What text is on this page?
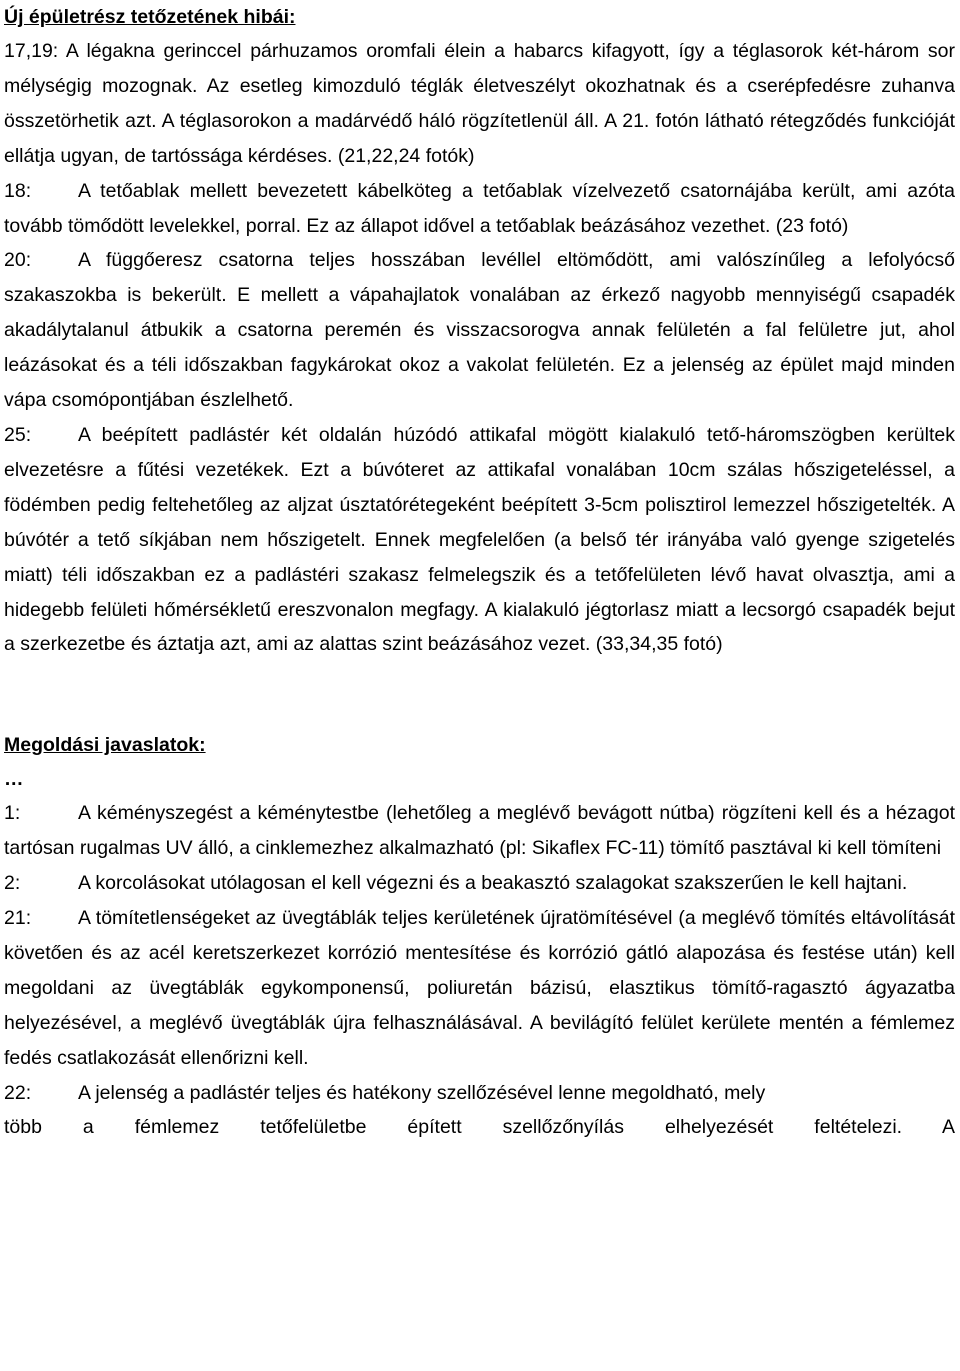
Új épületrész tetőzetének hibái:

17,19: A légakna gerinccel párhuzamos oromfali élein a habarcs kifagyott, így a téglasorok két-három sor mélységig mozognak. Az esetleg kimozduló téglák életveszélyt okozhatnak és a cserépfedésre zuhanva összetörhetik azt. A téglasorokon a madárvédő háló rögzítetlenül áll. A 21. fotón látható rétegződés funkcióját ellátja ugyan, de tartóssága kérdéses. (21,22,24 fotók)

18: A tetőablak mellett bevezetett kábelköteg a tetőablak vízelvezető csatornájába került, ami azóta tovább tömődött levelekkel, porral. Ez az állapot idővel a tetőablak beázásához vezethet. (23 fotó)

20: A függőeresz csatorna teljes hosszában levéllel eltömődött, ami valószínűleg a lefolyócső szakaszokba is bekerült. E mellett a vápahajlatok vonalában az érkező nagyobb mennyiségű csapadék akadálytalanul átbukik a csatorna peremén és visszacsorogva annak felületén a fal felületre jut, ahol leázásokat és a téli időszakban fagykárokat okoz a vakolat felületén. Ez a jelenség az épület majd minden vápa csomópontjában észlelhető.

25: A beépített padlástér két oldalán húzódó attikafal mögött kialakuló tető-háromszögben kerültek elvezetésre a fűtési vezetékek. Ezt a búvóteret az attikafal vonalában 10cm szálas hőszigeteléssel, a födémben pedig feltehetőleg az aljzat úsztatórétegeként beépített 3-5cm polisztirol lemezzel hőszigetelték. A búvótér a tető síkjában nem hőszigetelt. Ennek megfelelően (a belső tér irányába való gyenge szigetelés miatt) téli időszakban ez a padlástéri szakasz felmelegszik és a tetőfelületen lévő havat olvasztja, ami a hidegebb felületi hőmérsékletű ereszvonalon megfagy. A kialakuló jégtorlasz miatt a lecsorgó csapadék bejut a szerkezetbe és áztatja azt, ami az alattas szint beázásához vezet. (33,34,35 fotó)

Megoldási javaslatok:
…

1:	A kéményszegést a kéménytestbe (lehetőleg a meglévő bevágott nútba) rögzíteni kell és a hézagot tartósan rugalmas UV álló, a cinklemezhez alkalmazható (pl: Sikaflex FC-11) tömítő pasztával ki kell tömíteni

2:	A korcolásokat utólagosan el kell végezni és a beakasztó szalagokat szakszerűen le kell hajtani.

21: A tömítetlenségeket az üvegtáblák teljes kerületének újratömítésével (a meglévő tömítés eltávolítását követően és az acél keretszerkezet korrózió mentesítése és korrózió gátló alapozása és festése után) kell megoldani az üvegtáblák egykomponensű, poliuretán bázisú, elasztikus tömítő-ragasztó ágyazatba helyezésével, a meglévő üvegtáblák újra felhasználásával. A bevilágító felület kerülete mentén a fémlemez fedés csatlakozását ellenőrizni kell.

22: A jelenség a padlástér teljes és hatékony szellőzésével lenne megoldható, mely

több a fémlemez tetőfelületbe épített szellőzőnyílás elhelyezését feltételezi. A
